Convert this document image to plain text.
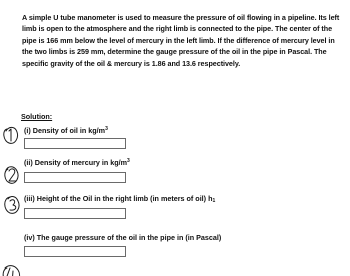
A simple U tube manometer is used to measure the pressure of oil flowing in a pipeline. Its left limb is open to the atmosphere and the right limb is connected to the pipe. The center of the pipe is 166 mm below the level of mercury in the left limb. If the difference of mercury level in the two limbs is 259 mm, determine the gauge pressure of the oil in the pipe in Pascal. The specific gravity of the oil & mercury is 1.86 and 13.6 respectively.
Solution:
(i) Density of oil in $kg/m^3$
(ii) Density of mercury in $kg/m^3$
(iii) Height of the Oil in the right limb (in meters of oil) $h_1$
(iv) The gauge pressure of the oil in the pipe in (in Pascal)
